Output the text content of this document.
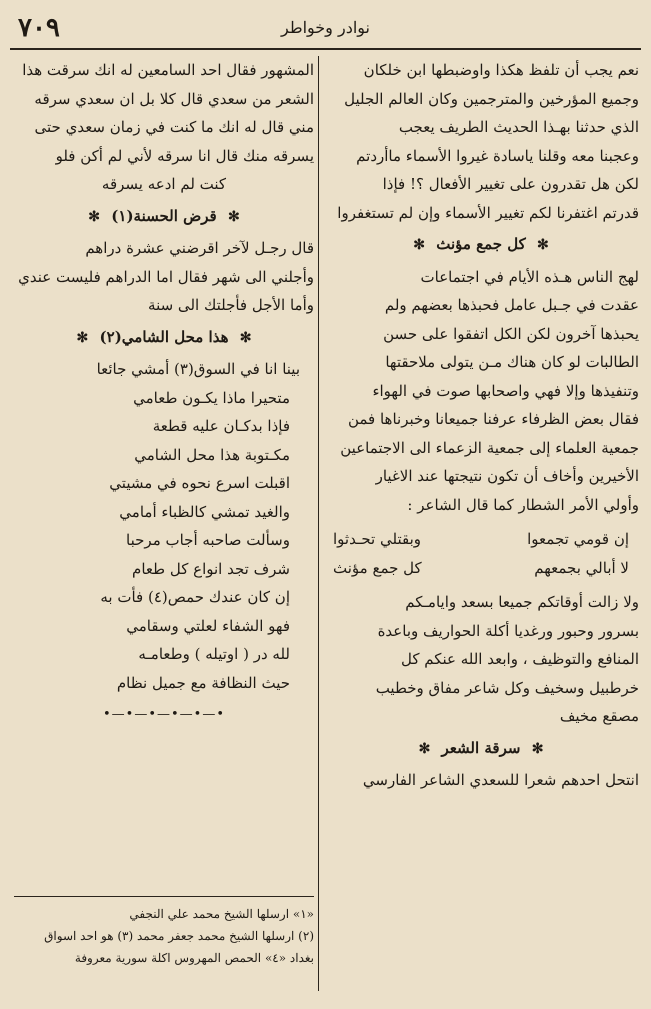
٧٠٩	نوادر وخواطر

نعم يجب أن تلفظ هكذا واوضبطها ابن خلكان

وجميع المؤرخين والمترجمين وكان العالم الجليل

الذي حدثنا بهـذا الحديث الطريف يعجب

وعجبنا معه وقلنا ياسادة غيروا الأسماء ماأردتم

لكن هل تقدرون على تغيير الأفعال ؟! فإذا

قدرتم اغتفرنا لكم تغيير الأسماء وإن لم تستغفروا

✻ كل جمع مؤنث ✻

لهج الناس هـذه الأيام في اجتماعات

عقدت في جـبل عامل فحبذها بعضهم ولم

يحبذها آخرون لكن الكل اتفقوا على حسن

الطالبات لو كان هناك مـن يتولى ملاحقتها

وتنفيذها وإلا فهي واصحابها صوت في الهواء

فقال بعض الظرفاء عرفنا جميعانا وخبرناها فمن

جمعية العلماء إلى جمعية الزعماء الى الاجتماعين

الأخيرين وأخاف أن تكون نتيجتها عند الاغيار

وأولي الأمر الشطار كما قال الشاعر :

إن قومي تجمعوا
وبقتلي تحـدثوا
لا أبالي بجمعهم
كل جمع مؤنث

ولا زالت أوقاتكم جميعا بسعد وايامـكم

بسرور وحبور ورغديا أكلة الحواريف وباعدة

المنافع والتوظيف ، وابعد الله عنكم كل

خرطبيل وسخيف وكل شاعر مفاق وخطيب

مصقع مخيف

✻ سرقة الشعر ✻

انتحل احدهم شعرا للسعدي الشاعر الفارسي

المشهور فقال احد السامعين له انك سرقت هذا

الشعر من سعدي قال كلا بل ان سعدي سرقه

مني قال له انك ما كنت في زمان سعدي حتى

يسرقه منك قال انا سرقه لأني لم أكن فلو

كنت لم ادعه يسرقه

✻ قرض الحسنة(١) ✻

قال رجـل لآخر اقرضني عشرة دراهم

وأجلني الى شهر فقال اما الدراهم فليست عندي

وأما الأجل فأجلتك الى سنة

✻ هذا محل الشامي(٢) ✻

بينا انا في السوق(٣) أمشي جائعا

متحيرا ماذا يكـون طعامي

فإذا بدكـان عليه قطعة

مكـتوبة هذا محل الشامي

اقبلت اسرع نحوه في مشيتي

والغيد تمشي كالظباء أمامي

وسألت صاحبه أجاب مرحبا

شرف تجد انواع كل طعام

إن كان عندك حمص(٤) فأت به

فهو الشفاء لعلتي وسقامي

لله در ( اوتيله ) وطعامـه

حيث النظافة مع جميل نظام

•—•—•—•—•—•

«١» ارسلها الشيخ محمد علي النجفي

(٢) ارسلها الشيخ محمد جعفر محمد (٣) هو احد اسواق

بغداد «٤» الحمص المهروس اكلة سورية معروفة
